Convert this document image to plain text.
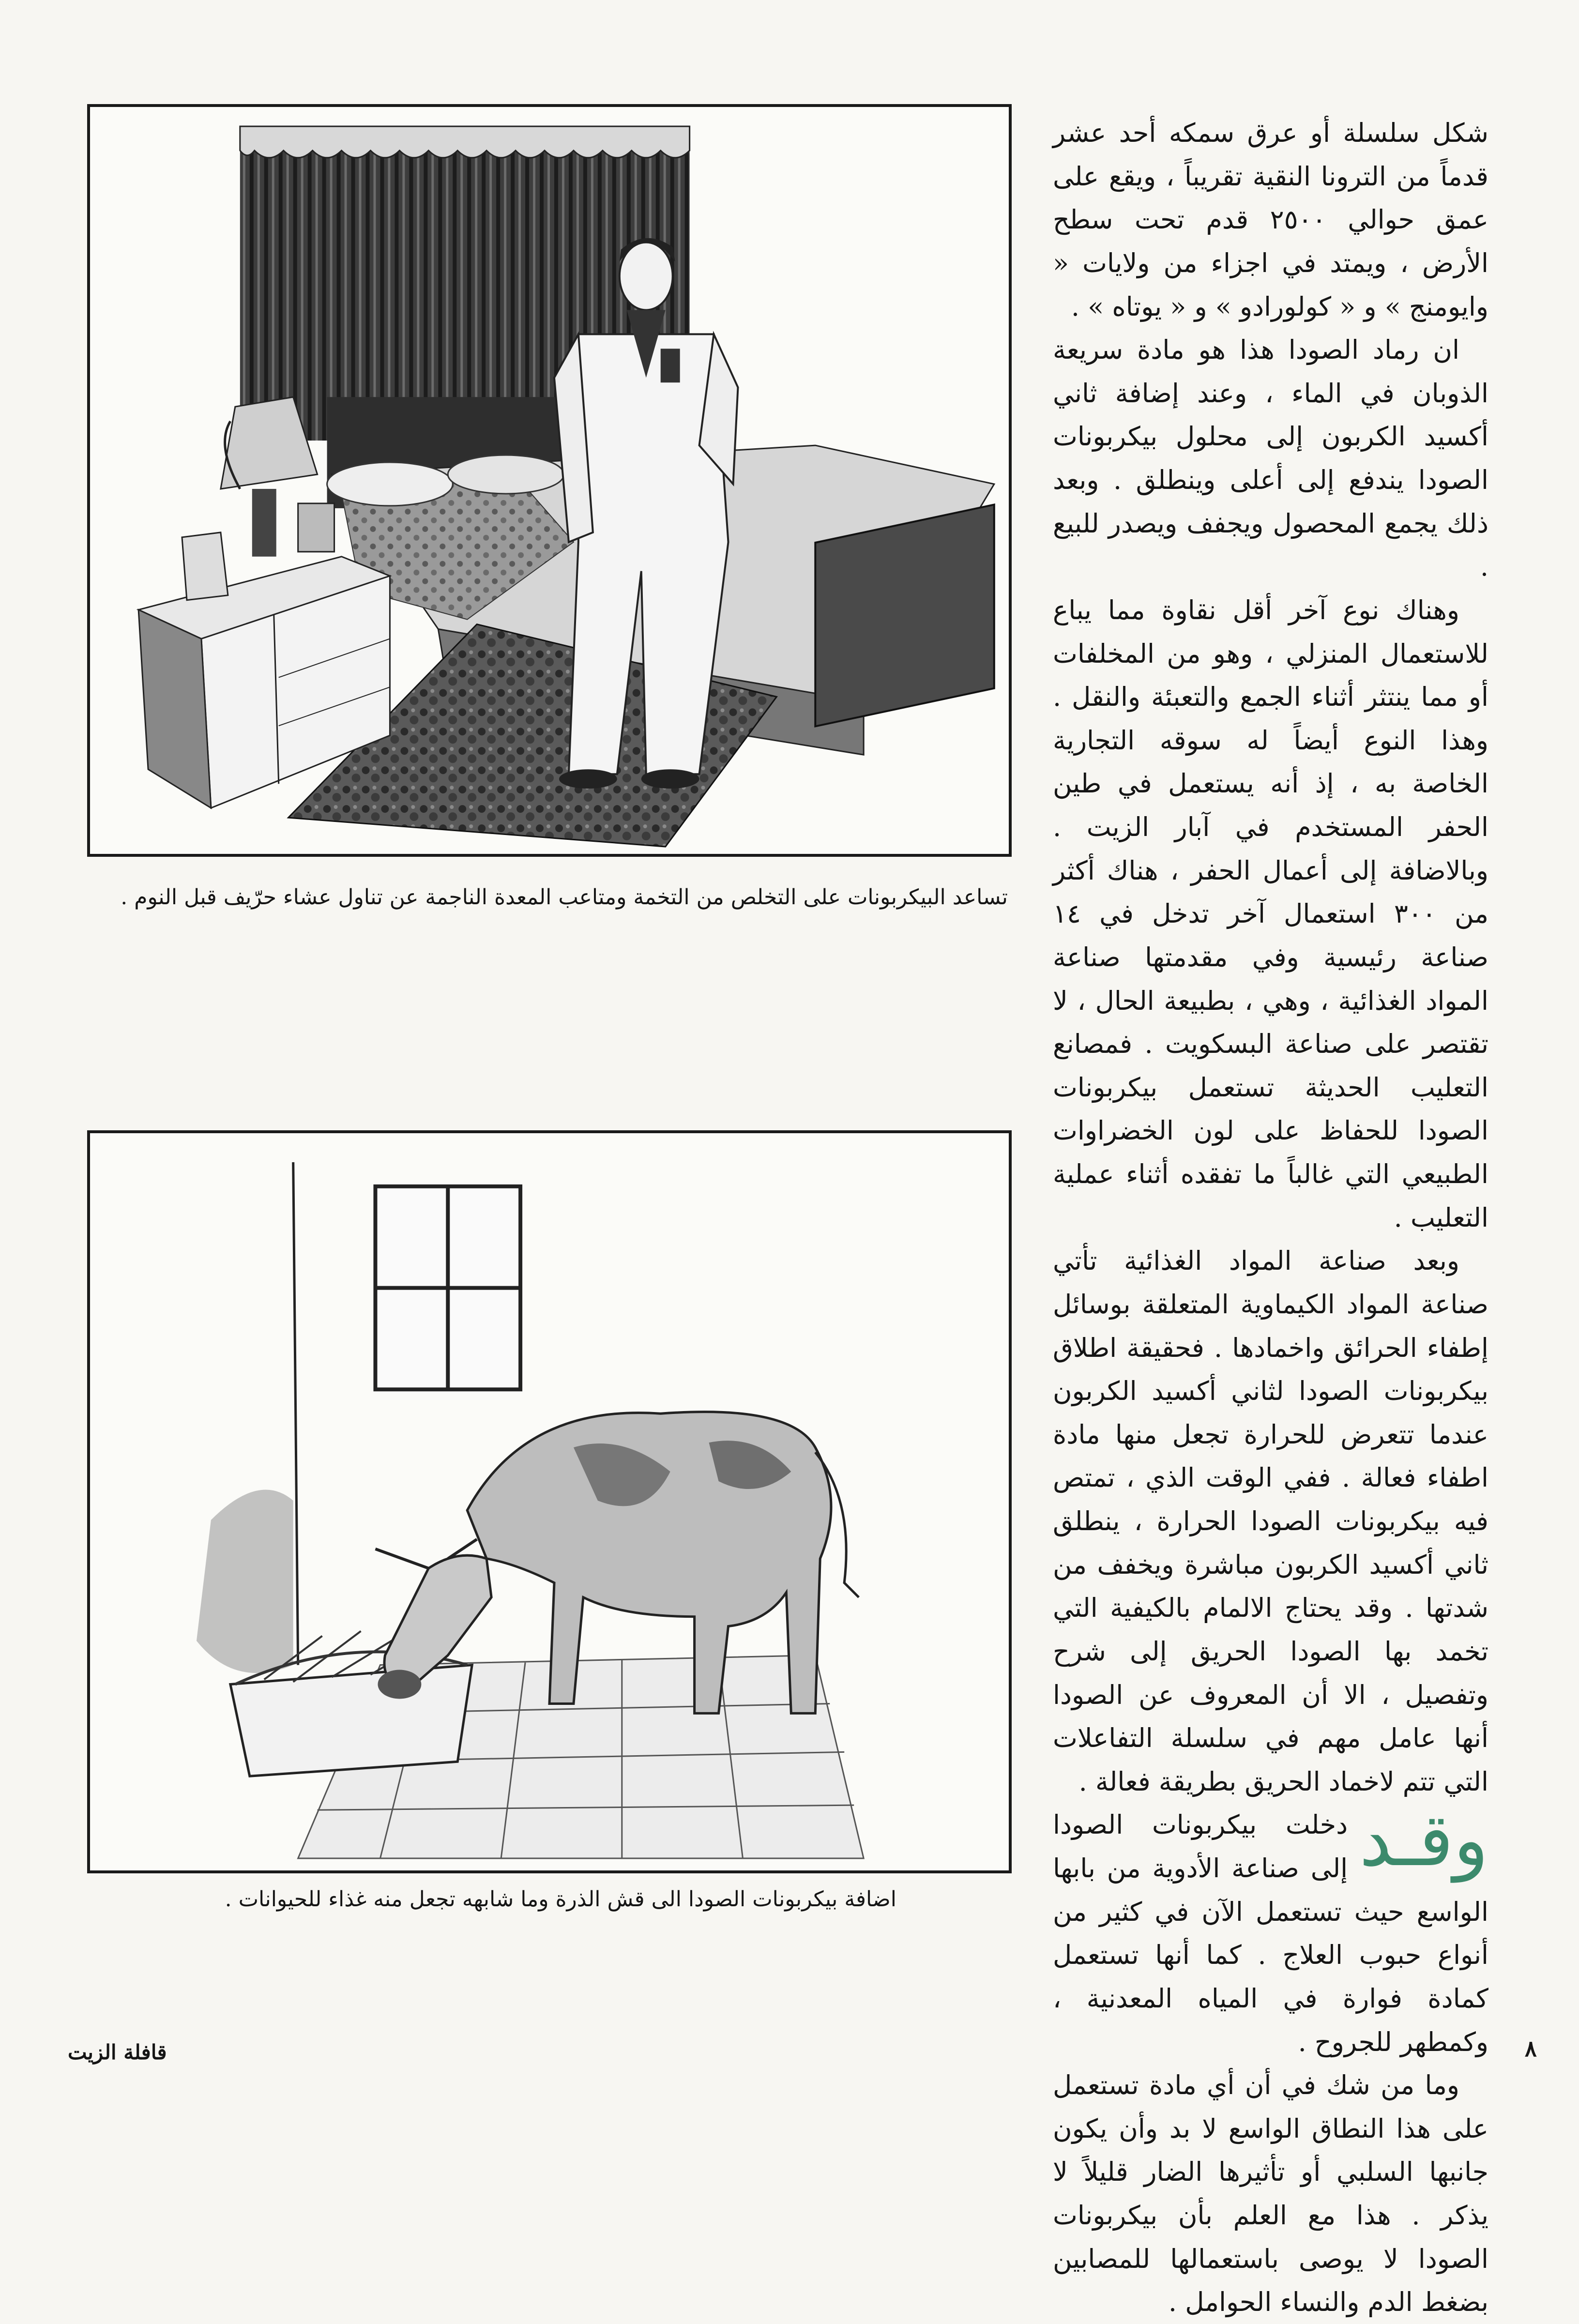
تساعد البيكربونات على التخلص من التخمة ومتاعب المعدة الناجمة عن تناول عشاء حرّيف قبل النوم .
اضافة بيكربونات الصودا الى قش الذرة وما شابهه تجعل منه غذاء للحيوانات .

شكل سلسلة أو عرق سمكه أحد عشر قدماً من الترونا النقية تقريباً ، ويقع على عمق حوالي ٢٥٠٠ قدم تحت سطح الأرض ، ويمتد في اجزاء من ولايات « وايومنج » و « كولورادو » و « يوتاه » .

ان رماد الصودا هذا هو مادة سريعة الذوبان في الماء ، وعند إضافة ثاني أكسيد الكربون إلى محلول بيكربونات الصودا يندفع إلى أعلى وينطلق . وبعد ذلك يجمع المحصول ويجفف ويصدر للبيع .

وهناك نوع آخر أقل نقاوة مما يباع للاستعمال المنزلي ، وهو من المخلفات أو مما ينتثر أثناء الجمع والتعبئة والنقل . وهذا النوع أيضاً له سوقه التجارية الخاصة به ، إذ أنه يستعمل في طين الحفر المستخدم في آبار الزيت . وبالاضافة إلى أعمال الحفر ، هناك أكثر من ٣٠٠ استعمال آخر تدخل في ١٤ صناعة رئيسية وفي مقدمتها صناعة المواد الغذائية ، وهي ، بطبيعة الحال ، لا تقتصر على صناعة البسكويت . فمصانع التعليب الحديثة تستعمل بيكربونات الصودا للحفاظ على لون الخضراوات الطبيعي التي غالباً ما تفقده أثناء عملية التعليب .

وبعد صناعة المواد الغذائية تأتي صناعة المواد الكيماوية المتعلقة بوسائل إطفاء الحرائق واخمادها . فحقيقة اطلاق بيكربونات الصودا لثاني أكسيد الكربون عندما تتعرض للحرارة تجعل منها مادة اطفاء فعالة . ففي الوقت الذي ، تمتص فيه بيكربونات الصودا الحرارة ، ينطلق ثاني أكسيد الكربون مباشرة ويخفف من شدتها . وقد يحتاج الالمام بالكيفية التي تخمد بها الصودا الحريق إلى شرح وتفصيل ، الا أن المعروف عن الصودا أنها عامل مهم في سلسلة التفاعلات التي تتم لاخماد الحريق بطريقة فعالة .

وقـد
دخلت بيكربونات الصودا إلى صناعة الأدوية من بابها الواسع حيث تستعمل الآن في كثير من أنواع حبوب العلاج . كما أنها تستعمل كمادة فوارة في المياه المعدنية ، وكمطهر للجروح .

وما من شك في أن أي مادة تستعمل على هذا النطاق الواسع لا بد وأن يكون جانبها السلبي أو تأثيرها الضار قليلاً لا يذكر . هذا مع العلم بأن بيكربونات الصودا لا يوصى باستعمالها للمصابين بضغط الدم والنساء الحوامل .

قافلة الزيت	٨
